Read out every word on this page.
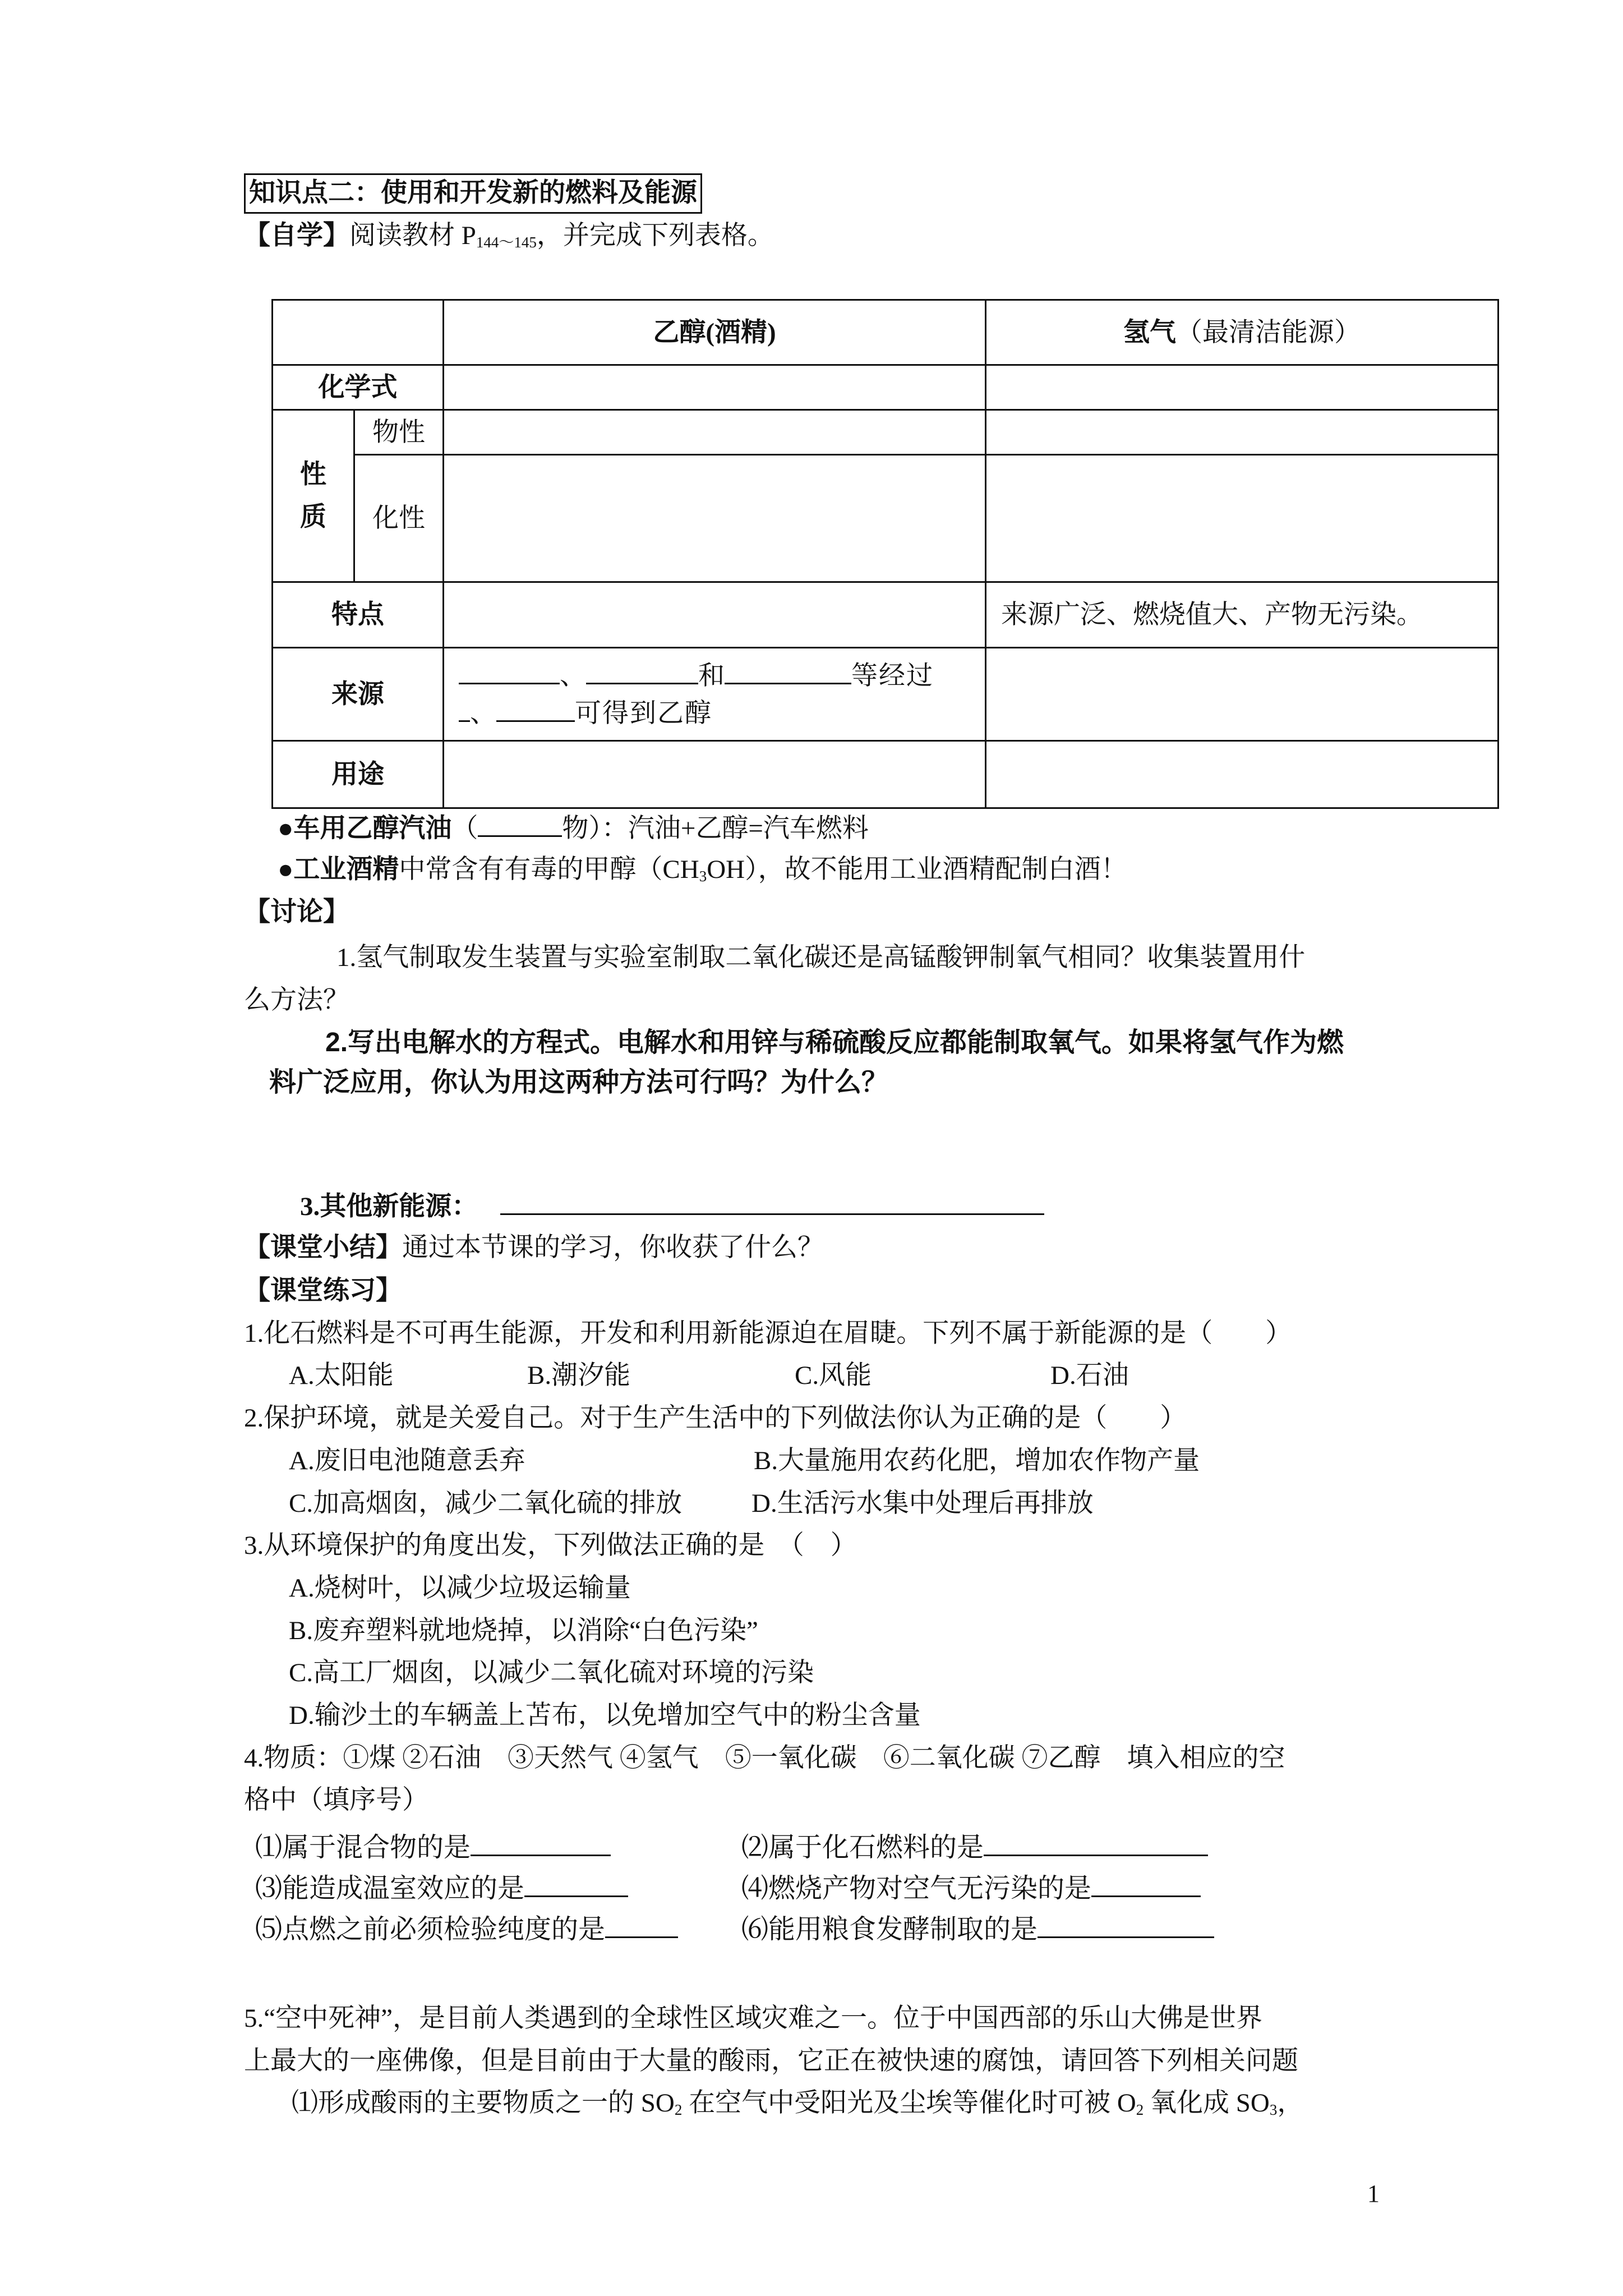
知识点二：使用和开发新的燃料及能源
【自学】阅读教材 $P_{144\sim 145}$，并完成下列表格。
		乙醇(酒精)	氢气（最清洁能源）
化学式			
性质	物性		
	化性		
特点			来源广泛、燃烧值大、产物无污染。
来源		、 和 等经过
、 可得到乙醇	

用途			
●车用乙醇汽油（	物）：汽油+乙醇=汽车燃料
●工业酒精中常含有有毒的甲醇$(CH_3OH)$，故不能用工业酒精配制白酒！
【讨论】
1.氢气制取发生装置与实验室制取二氧化碳还是高锰酸钾制氧气相同？收集装置用什
么方法？
2.写出电解水的方程式。电解水和用锌与稀硫酸反应都能制取氧气。如果将氢气作为燃
料广泛应用，你认为用这两种方法可行吗？为什么？
3.其他新能源：
【课堂小结】通过本节课的学习，你收获了什么？
【课堂练习】
1.化石燃料是不可再生能源，开发和利用新能源迫在眉睫。下列不属于新能源的是（　　）
A.太阳能	B.潮汐能	C.风能	D.石油
2.保护环境，就是关爱自己。对于生产生活中的下列做法你认为正确的是（　　）
A.废旧电池随意丢弃	B.大量施用农药化肥，增加农作物产量
C.加高烟囱，减少二氧化硫的排放	D.生活污水集中处理后再排放
3.从环境保护的角度出发，下列做法正确的是　（　）
A.烧树叶，以减少垃圾运输量
B.废弃塑料就地烧掉，以消除“白色污染”
C.高工厂烟囱，以减少二氧化硫对环境的污染
D.输沙土的车辆盖上苫布，以免增加空气中的粉尘含量
4.物质：①煤 ②石油　③天然气 ④氢气　⑤一氧化碳　⑥二氧化碳 ⑦乙醇　填入相应的空
格中（填序号）
⑴属于混合物的是	⑵属于化石燃料的是
⑶能造成温室效应的是	⑷燃烧产物对空气无污染的是
⑸点燃之前必须检验纯度的是	⑹能用粮食发酵制取的是
5.“空中死神”，是目前人类遇到的全球性区域灾难之一。位于中国西部的乐山大佛是世界
上最大的一座佛像，但是目前由于大量的酸雨，它正在被快速的腐蚀，请回答下列相关问题
⑴形成酸雨的主要物质之一的 $SO_2$ 在空气中受阳光及尘埃等催化时可被 $O_2$ 氧化成 $SO_3$，
1
